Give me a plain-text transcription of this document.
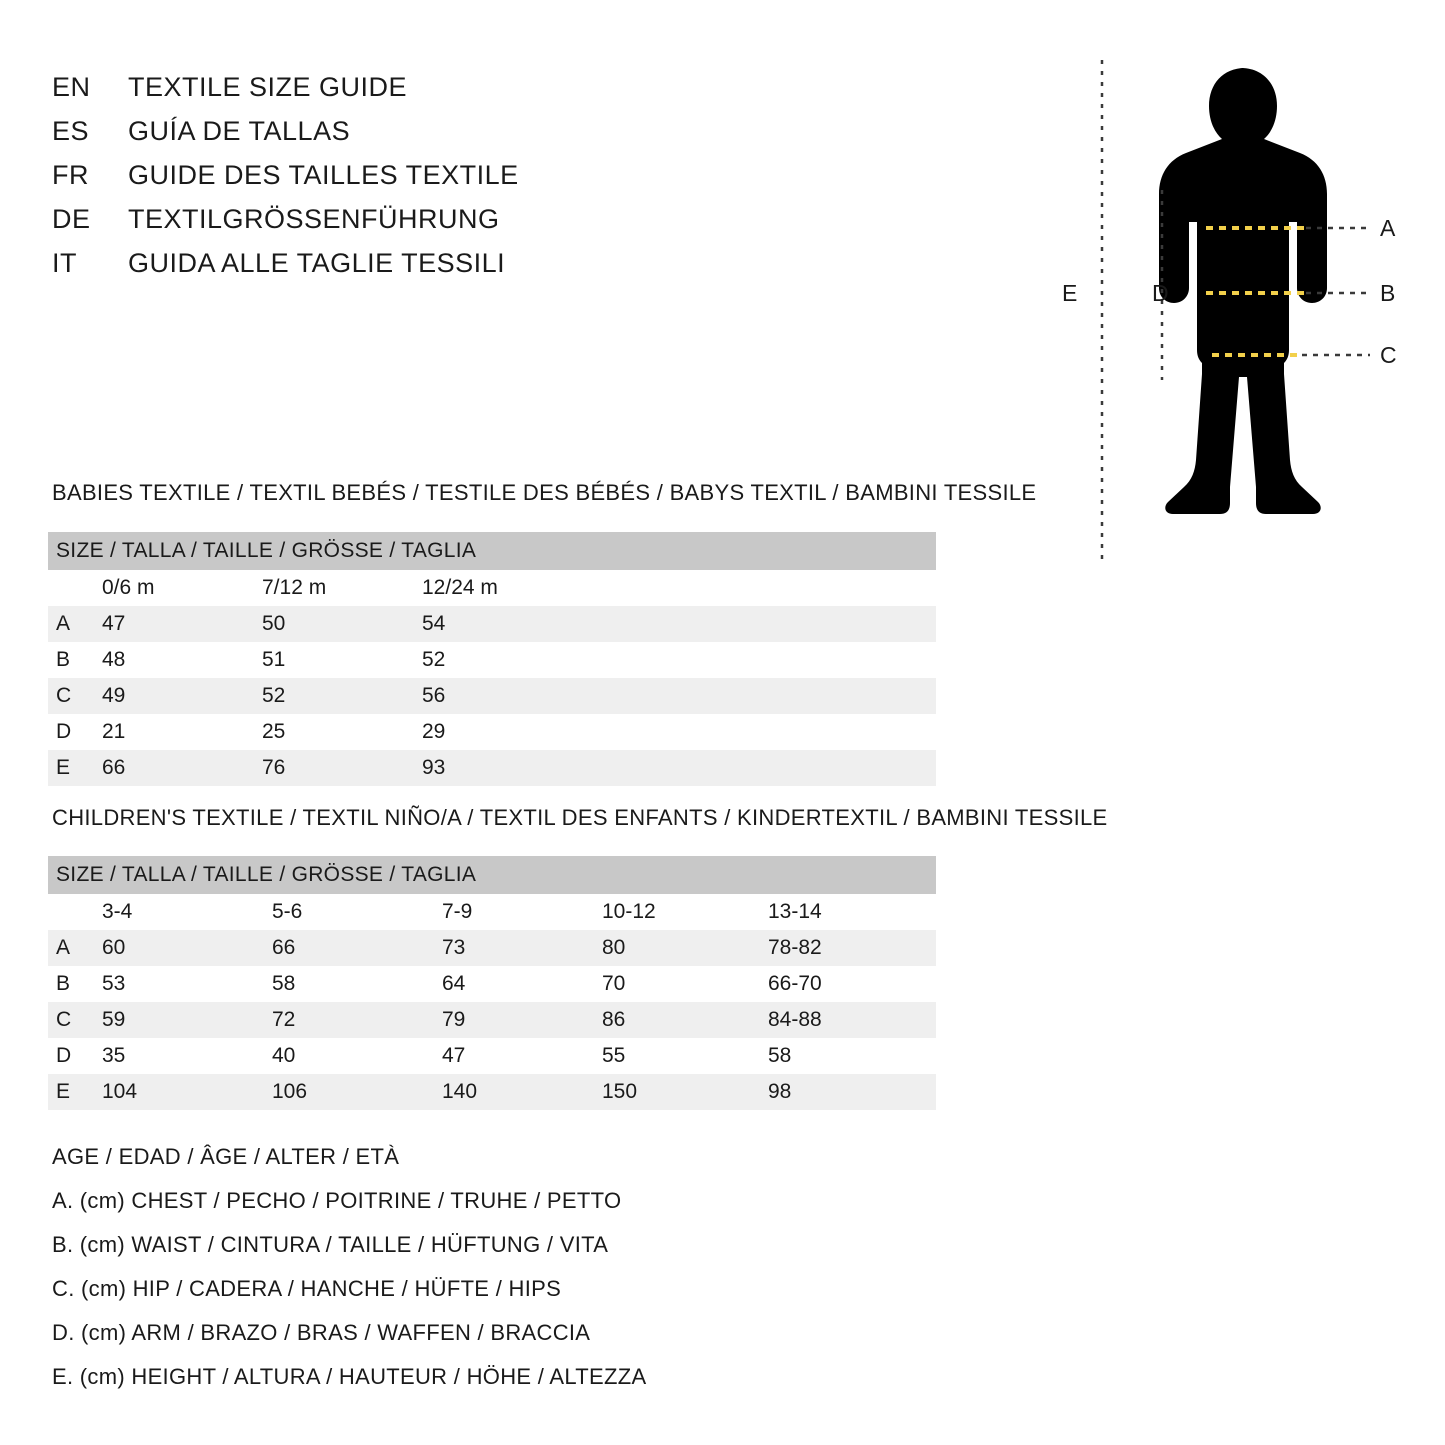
EN	TEXTILE SIZE GUIDE
ES	GUÍA DE TALLAS
FR	GUIDE DES TAILLES TEXTILE
DE	TEXTILGRÖSSENFÜHRUNG
IT	GUIDA ALLE TAGLIE TESSILI
A
B
C
D
E
BABIES TEXTILE / TEXTIL BEBÉS / TESTILE DES BÉBÉS / BABYS TEXTIL / BAMBINI TESSILE
SIZE / TALLA / TAILLE / GRÖSSE / TAGLIA				
	0/6 m	7/12 m	12/24 m	
A	47	50	54	
B	48	51	52	
C	49	52	56	
D	21	25	29	
E	66	76	93	
CHILDREN'S TEXTILE / TEXTIL NIÑO/A / TEXTIL DES ENFANTS / KINDERTEXTIL / BAMBINI TESSILE
SIZE / TALLA / TAILLE / GRÖSSE / TAGLIA					
	3-4	5-6	7-9	10-12	13-14
A	60	66	73	80	78-82
B	53	58	64	70	66-70
C	59	72	79	86	84-88
D	35	40	47	55	58
E	104	106	140	150	98
AGE / EDAD / ÂGE / ALTER / ETÀ
A. (cm) CHEST / PECHO / POITRINE / TRUHE / PETTO
B. (cm) WAIST / CINTURA / TAILLE / HÜFTUNG / VITA
C. (cm) HIP / CADERA / HANCHE / HÜFTE / HIPS
D. (cm) ARM / BRAZO / BRAS / WAFFEN / BRACCIA
E. (cm) HEIGHT / ALTURA / HAUTEUR / HÖHE / ALTEZZA
